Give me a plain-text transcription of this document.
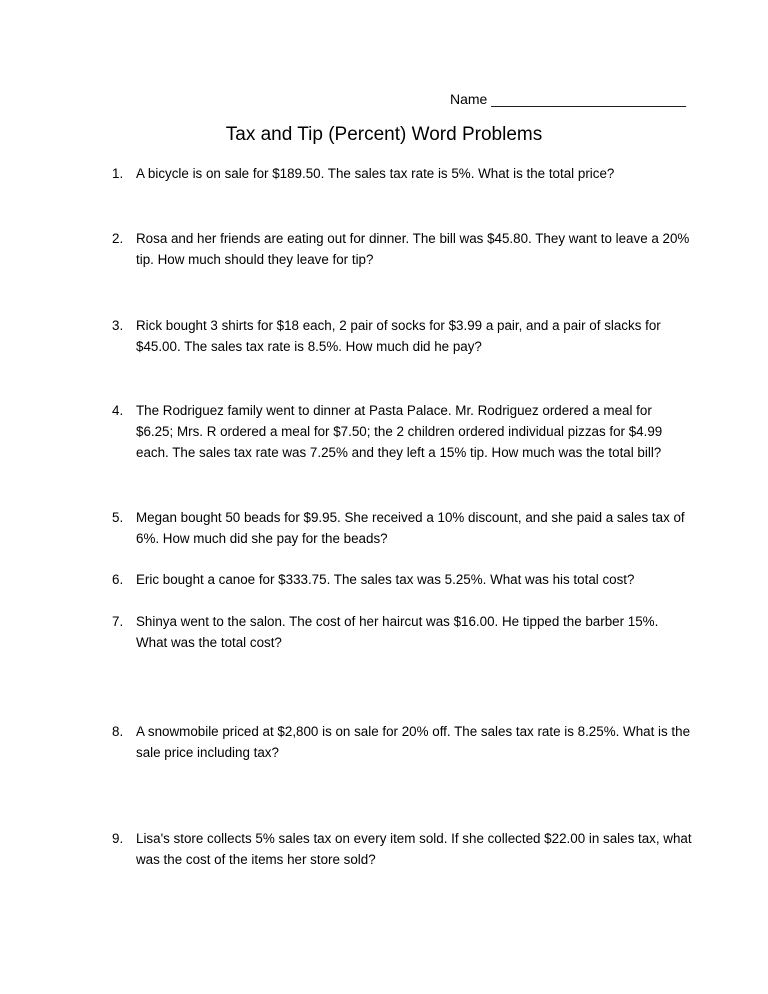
Name _________________________
Tax and Tip (Percent) Word Problems
1. A bicycle is on sale for $189.50. The sales tax rate is 5%. What is the total price?
2. Rosa and her friends are eating out for dinner. The bill was $45.80. They want to leave a 20% tip. How much should they leave for tip?
3. Rick bought 3 shirts for $18 each, 2 pair of socks for $3.99 a pair, and a pair of slacks for $45.00. The sales tax rate is 8.5%. How much did he pay?
4. The Rodriguez family went to dinner at Pasta Palace. Mr. Rodriguez ordered a meal for $6.25; Mrs. R ordered a meal for $7.50; the 2 children ordered individual pizzas for $4.99 each. The sales tax rate was 7.25% and they left a 15% tip. How much was the total bill?
5. Megan bought 50 beads for $9.95. She received a 10% discount, and she paid a sales tax of 6%. How much did she pay for the beads?
6. Eric bought a canoe for $333.75. The sales tax was 5.25%. What was his total cost?
7. Shinya went to the salon. The cost of her haircut was $16.00. He tipped the barber 15%. What was the total cost?
8. A snowmobile priced at $2,800 is on sale for 20% off. The sales tax rate is 8.25%. What is the sale price including tax?
9. Lisa's store collects 5% sales tax on every item sold. If she collected $22.00 in sales tax, what was the cost of the items her store sold?
